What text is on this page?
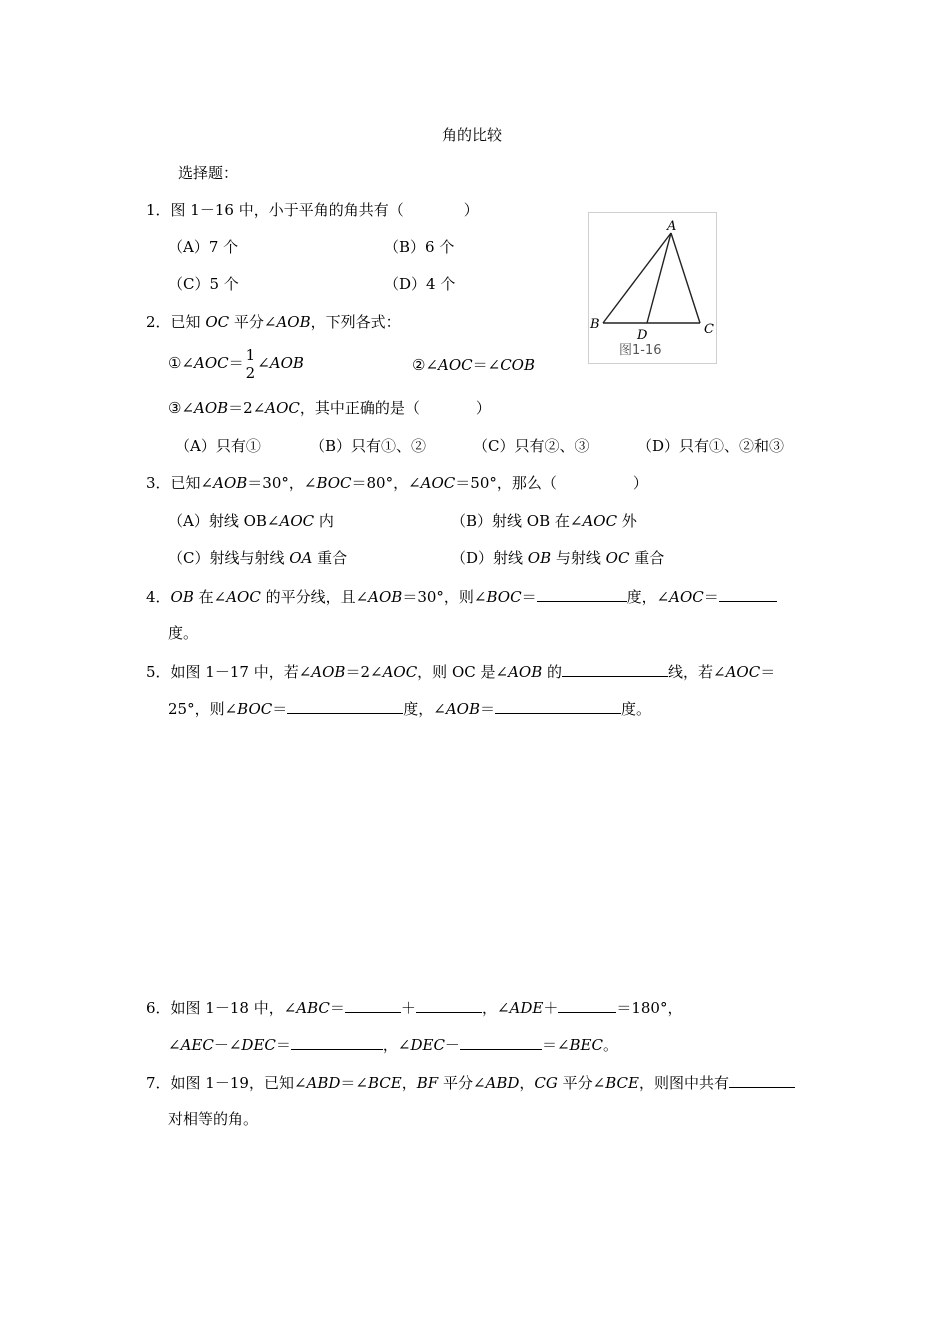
角的比较
选择题：
1．图 1－16 中，小于平角的角共有（	）
（A）7 个	（B）6 个
（C）5 个	（D）4 个
A
B	C
D
图1-16
2．已知 OC 平分∠AOB，下列各式：
①∠AOC＝ 1
2
∠AOB	②∠AOC＝∠COB
③∠AOB＝2∠AOC，其中正确的是（	）
（A）只有①	（B）只有①、②	（C）只有②、③	（D）只有①、②和③
3．已知∠AOB＝30°，∠BOC＝80°，∠AOC＝50°，那么（	）
（A）射线 OB∠AOC 内	（B）射线 OB 在∠AOC 外
（C）射线与射线 OA 重合	（D）射线 OB 与射线 OC 重合
4．OB 在∠AOC 的平分线，且∠AOB＝30°，则∠BOC＝	度，∠AOC＝
度。
5．如图 1－17 中，若∠AOB＝2∠AOC，则 OC 是∠AOB 的	线，若∠AOC＝
25°，则∠BOC＝	度，∠AOB＝	度。
6．如图 1－18 中，∠ABC＝	＋	，∠ADE＋	＝180°，
∠AEC－∠DEC＝	，∠DEC－	＝∠BEC。
7．如图 1－19，已知∠ABD＝∠BCE，BF 平分∠ABD，CG 平分∠BCE，则图中共有
对相等的角。
